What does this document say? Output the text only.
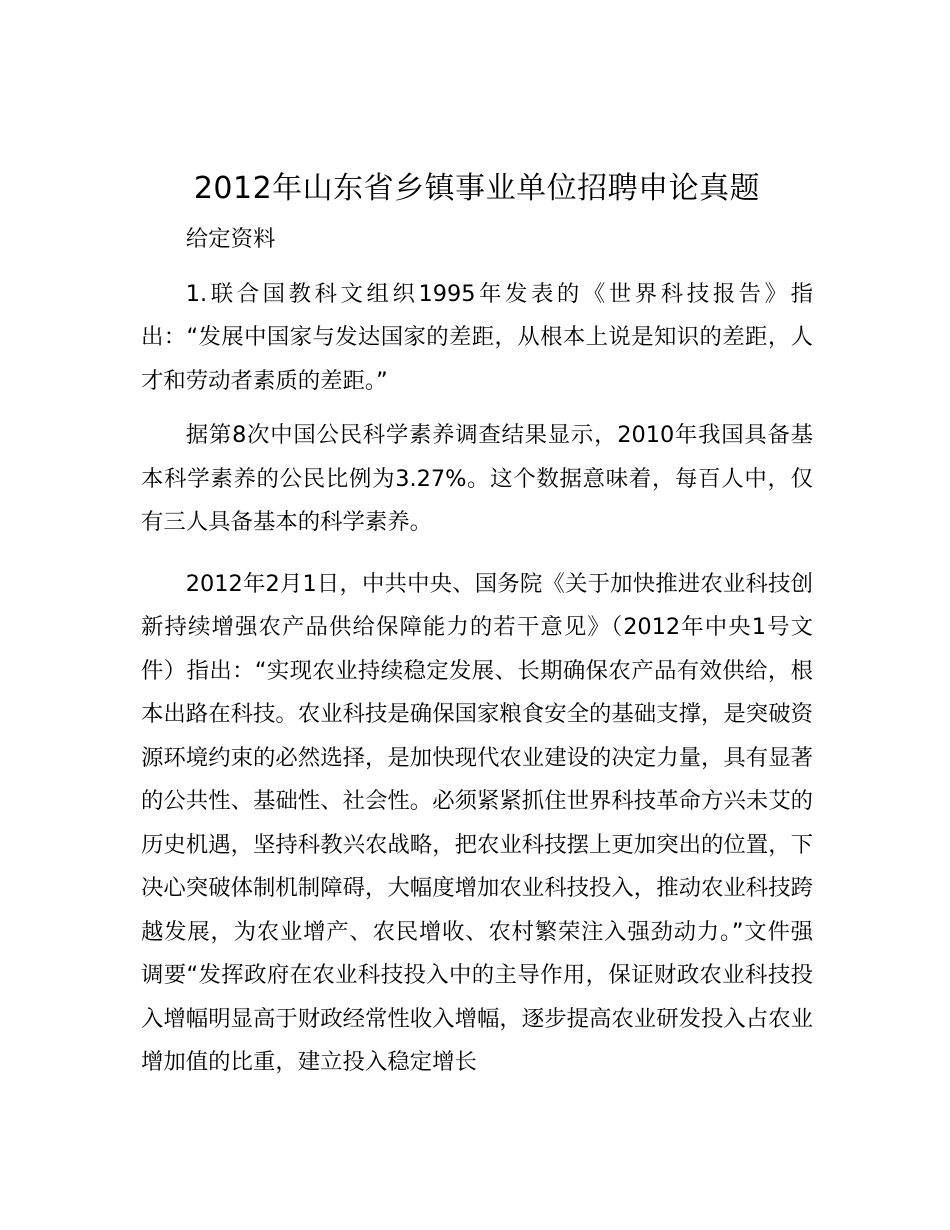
2012年山东省乡镇事业单位招聘申论真题

给定资料

1.联合国教科文组织1995年发表的《世界科技报告》指出：“发展中国家与发达国家的差距，从根本上说是知识的差距，人才和劳动者素质的差距。”

据第8次中国公民科学素养调查结果显示，2010年我国具备基本科学素养的公民比例为3.27%。这个数据意味着，每百人中，仅有三人具备基本的科学素养。

2012年2月1日，中共中央、国务院《关于加快推进农业科技创新持续增强农产品供给保障能力的若干意见》（2012年中央1号文件）指出：“实现农业持续稳定发展、长期确保农产品有效供给，根本出路在科技。农业科技是确保国家粮食安全的基础支撑，是突破资源环境约束的必然选择，是加快现代农业建设的决定力量，具有显著的公共性、基础性、社会性。必须紧紧抓住世界科技革命方兴未艾的历史机遇，坚持科教兴农战略，把农业科技摆上更加突出的位置，下决心突破体制机制障碍，大幅度增加农业科技投入，推动农业科技跨越发展，为农业增产、农民增收、农村繁荣注入强劲动力。”文件强调要“发挥政府在农业科技投入中的主导作用，保证财政农业科技投入增幅明显高于财政经常性收入增幅，逐步提高农业研发投入占农业增加值的比重，建立投入稳定增长
